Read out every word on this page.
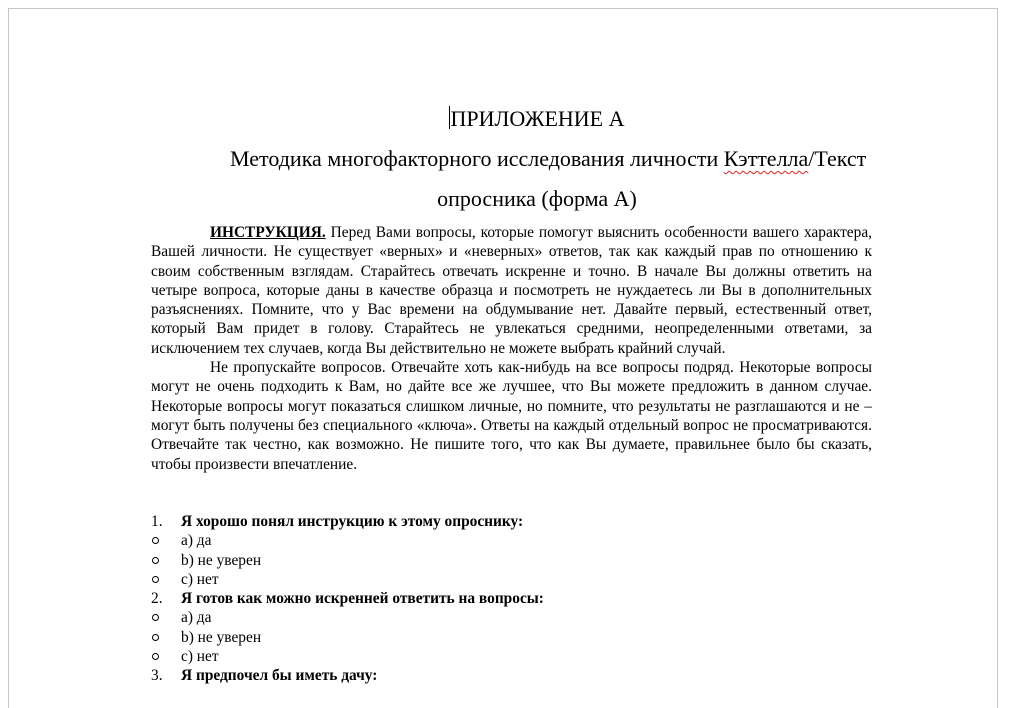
ПРИЛОЖЕНИЕ А
Методика многофакторного исследования личности Кэттелла/Текст
опросника (форма А)

ИНСТРУКЦИЯ. Перед Вами вопросы, которые помогут выяснить особенности вашего характера, Вашей личности. Не существует «верных» и «неверных» ответов, так как каждый прав по отношению к своим собственным взглядам. Старайтесь отвечать искренне и точно. В начале Вы должны ответить на четыре вопроса, которые даны в качестве образца и посмотреть не нуждаетесь ли Вы в дополнительных разъяснениях. Помните, что у Вас времени на обдумывание нет. Давайте первый, естественный ответ, который Вам придет в голову. Старайтесь не увлекаться средними, неопределенными ответами, за исключением тех случаев, когда Вы действительно не можете выбрать крайний случай.

Не пропускайте вопросов. Отвечайте хоть как-нибудь на все вопросы подряд. Некоторые вопросы могут не очень подходить к Вам, но дайте все же лучшее, что Вы можете предложить в данном случае. Некоторые вопросы могут показаться слишком личные, но помните, что результаты не разглашаются и не – могут быть получены без специального «ключа». Ответы на каждый отдельный вопрос не просматриваются. Отвечайте так честно, как возможно. Не пишите того, что как Вы думаете, правильнее было бы сказать, чтобы произвести впечатление.

1. Я хорошо понял инструкцию к этому опроснику:
a) да
b) не уверен
c) нет
2. Я готов как можно искренней ответить на вопросы:
a) да
b) не уверен
c) нет
3. Я предпочел бы иметь дачу:
